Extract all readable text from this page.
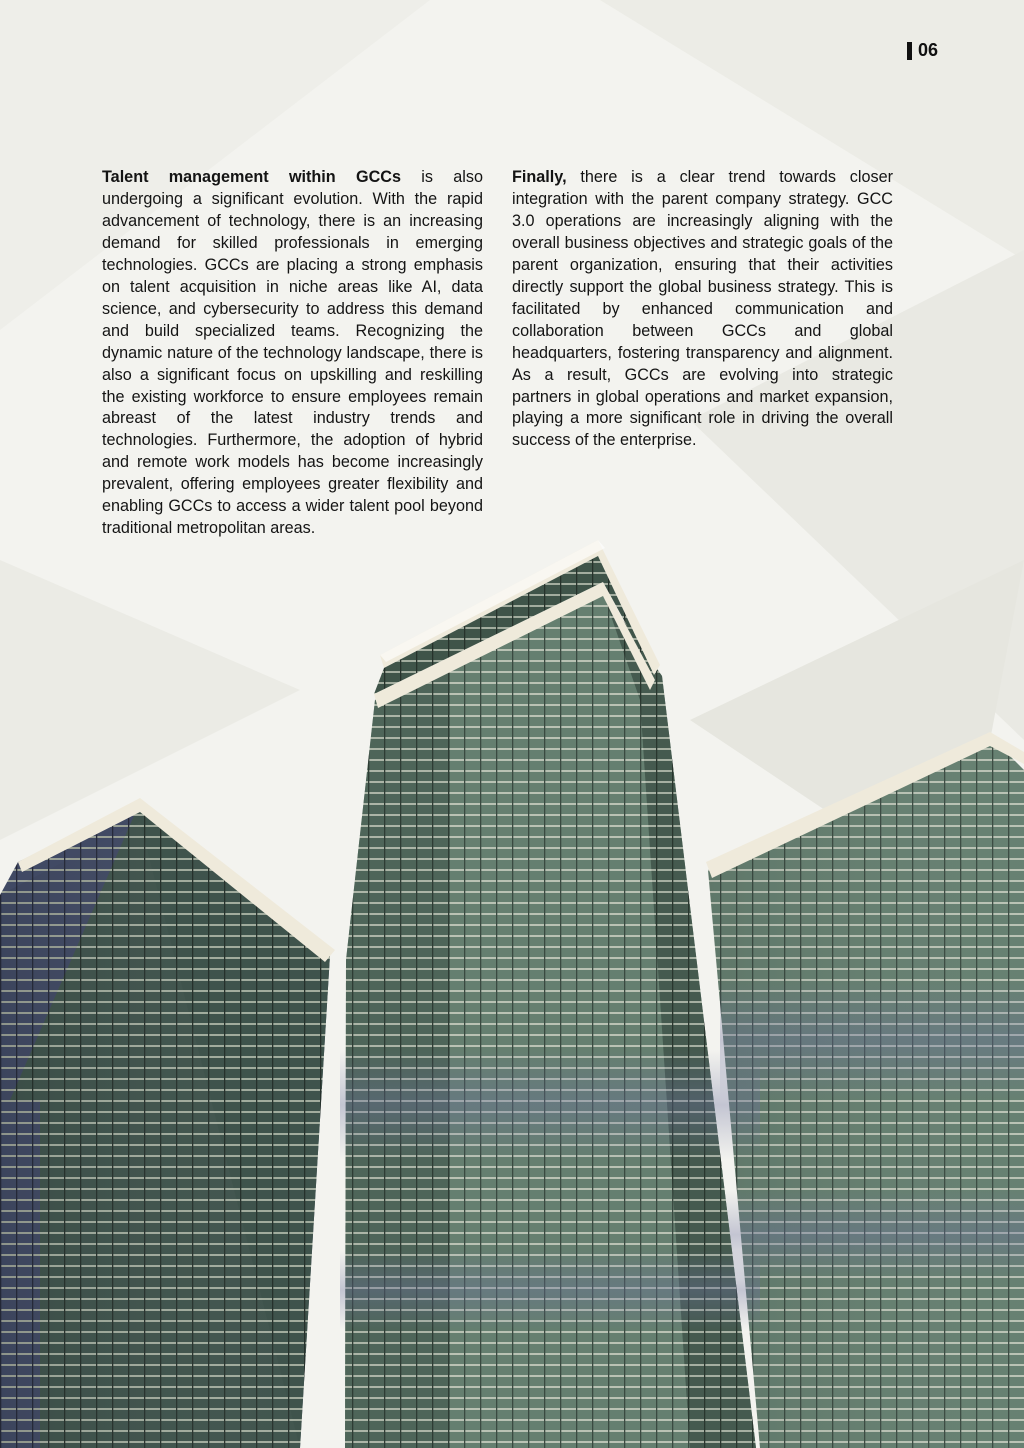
06

Talent management within GCCs is also undergoing a significant evolution. With the rapid advancement of technology, there is an increasing demand for skilled professionals in emerging technologies. GCCs are placing a strong emphasis on talent acquisition in niche areas like AI, data science, and cybersecurity to address this demand and build specialized teams. Recognizing the dynamic nature of the technology landscape, there is also a significant focus on upskilling and reskilling the existing workforce to ensure employees remain abreast of the latest industry trends and technologies. Furthermore, the adoption of hybrid and remote work models has become increasingly prevalent, offering employees greater flexibility and enabling GCCs to access a wider talent pool beyond traditional metropolitan areas.

Finally, there is a clear trend towards closer integration with the parent company strategy. GCC 3.0 operations are increasingly aligning with the overall business objectives and strategic goals of the parent organization, ensuring that their activities directly support the global business strategy. This is facilitated by enhanced communication and collaboration between GCCs and global headquarters, fostering transparency and alignment. As a result, GCCs are evolving into strategic partners in global operations and market expansion, playing a more significant role in driving the overall success of the enterprise.
